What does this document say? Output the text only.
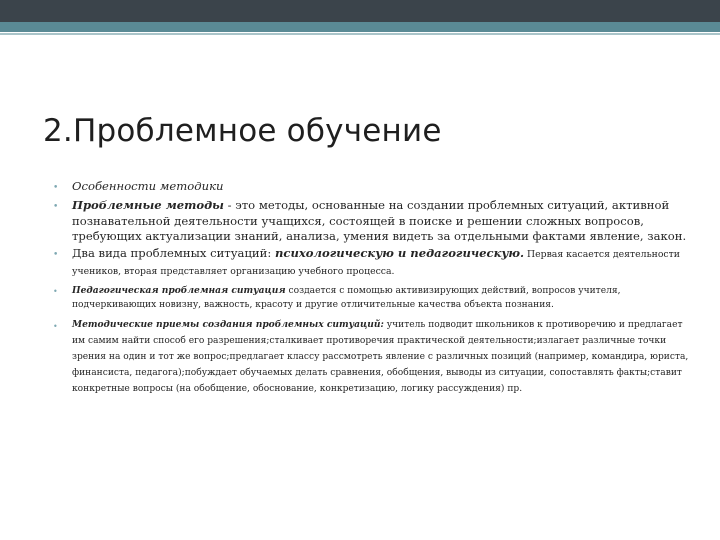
2.Проблемное обучение
• Особенности методики
• Проблемные методы - это методы, основанные на создании проблемных ситуаций, активной познавательной деятельности учащихся, состоящей в поиске и решении сложных вопросов, требующих актуализации знаний, анализа, умения видеть за отдельными фактами явление, закон.
• Два вида проблемных ситуаций: психологическую и педагогическую. Первая касается деятельности учеников, вторая представляет организацию учебного процесса.
• Педагогическая проблемная ситуация создается с помощью активизирующих действий, вопросов учителя, подчеркивающих новизну, важность, красоту и другие отличительные качества объекта познания.
• Методические приемы создания проблемных ситуаций: учитель подводит школьников к противоречию и предлагает им самим найти способ его разрешения;сталкивает противоречия практической деятельности;излагает различные точки зрения на один и тот же вопрос;предлагает классу рассмотреть явление с различных позиций (например, командира, юриста, финансиста, педагога);побуждает обучаемых делать сравнения, обобщения, выводы из ситуации, сопоставлять факты;ставит конкретные вопросы (на обобщение, обоснование, конкретизацию, логику рассуждения) пр.
